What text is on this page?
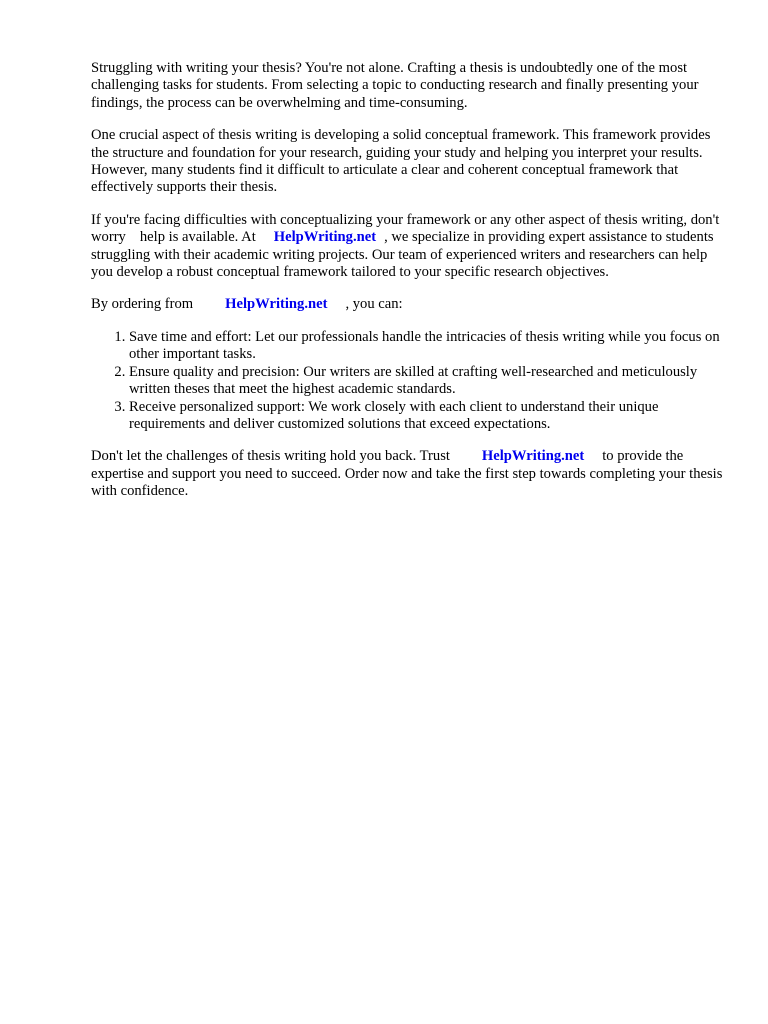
Struggling with writing your thesis? You're not alone. Crafting a thesis is undoubtedly one of the most challenging tasks for students. From selecting a topic to conducting research and finally presenting your findings, the process can be overwhelming and time-consuming.

One crucial aspect of thesis writing is developing a solid conceptual framework. This framework provides the structure and foundation for your research, guiding your study and helping you interpret your results. However, many students find it difficult to articulate a clear and coherent conceptual framework that effectively supports their thesis.

If you're facing difficulties with conceptualizing your framework or any other aspect of thesis writing, don't worry help is available. At HelpWriting.net , we specialize in providing expert assistance to students struggling with their academic writing projects. Our team of experienced writers and researchers can help you develop a robust conceptual framework tailored to your specific research objectives.

By ordering from HelpWriting.net , you can:

1. Save time and effort: Let our professionals handle the intricacies of thesis writing while you focus on other important tasks.
2. Ensure quality and precision: Our writers are skilled at crafting well-researched and meticulously written theses that meet the highest academic standards.
3. Receive personalized support: We work closely with each client to understand their unique requirements and deliver customized solutions that exceed expectations.

Don't let the challenges of thesis writing hold you back. Trust HelpWriting.net to provide the expertise and support you need to succeed. Order now and take the first step towards completing your thesis with confidence.
